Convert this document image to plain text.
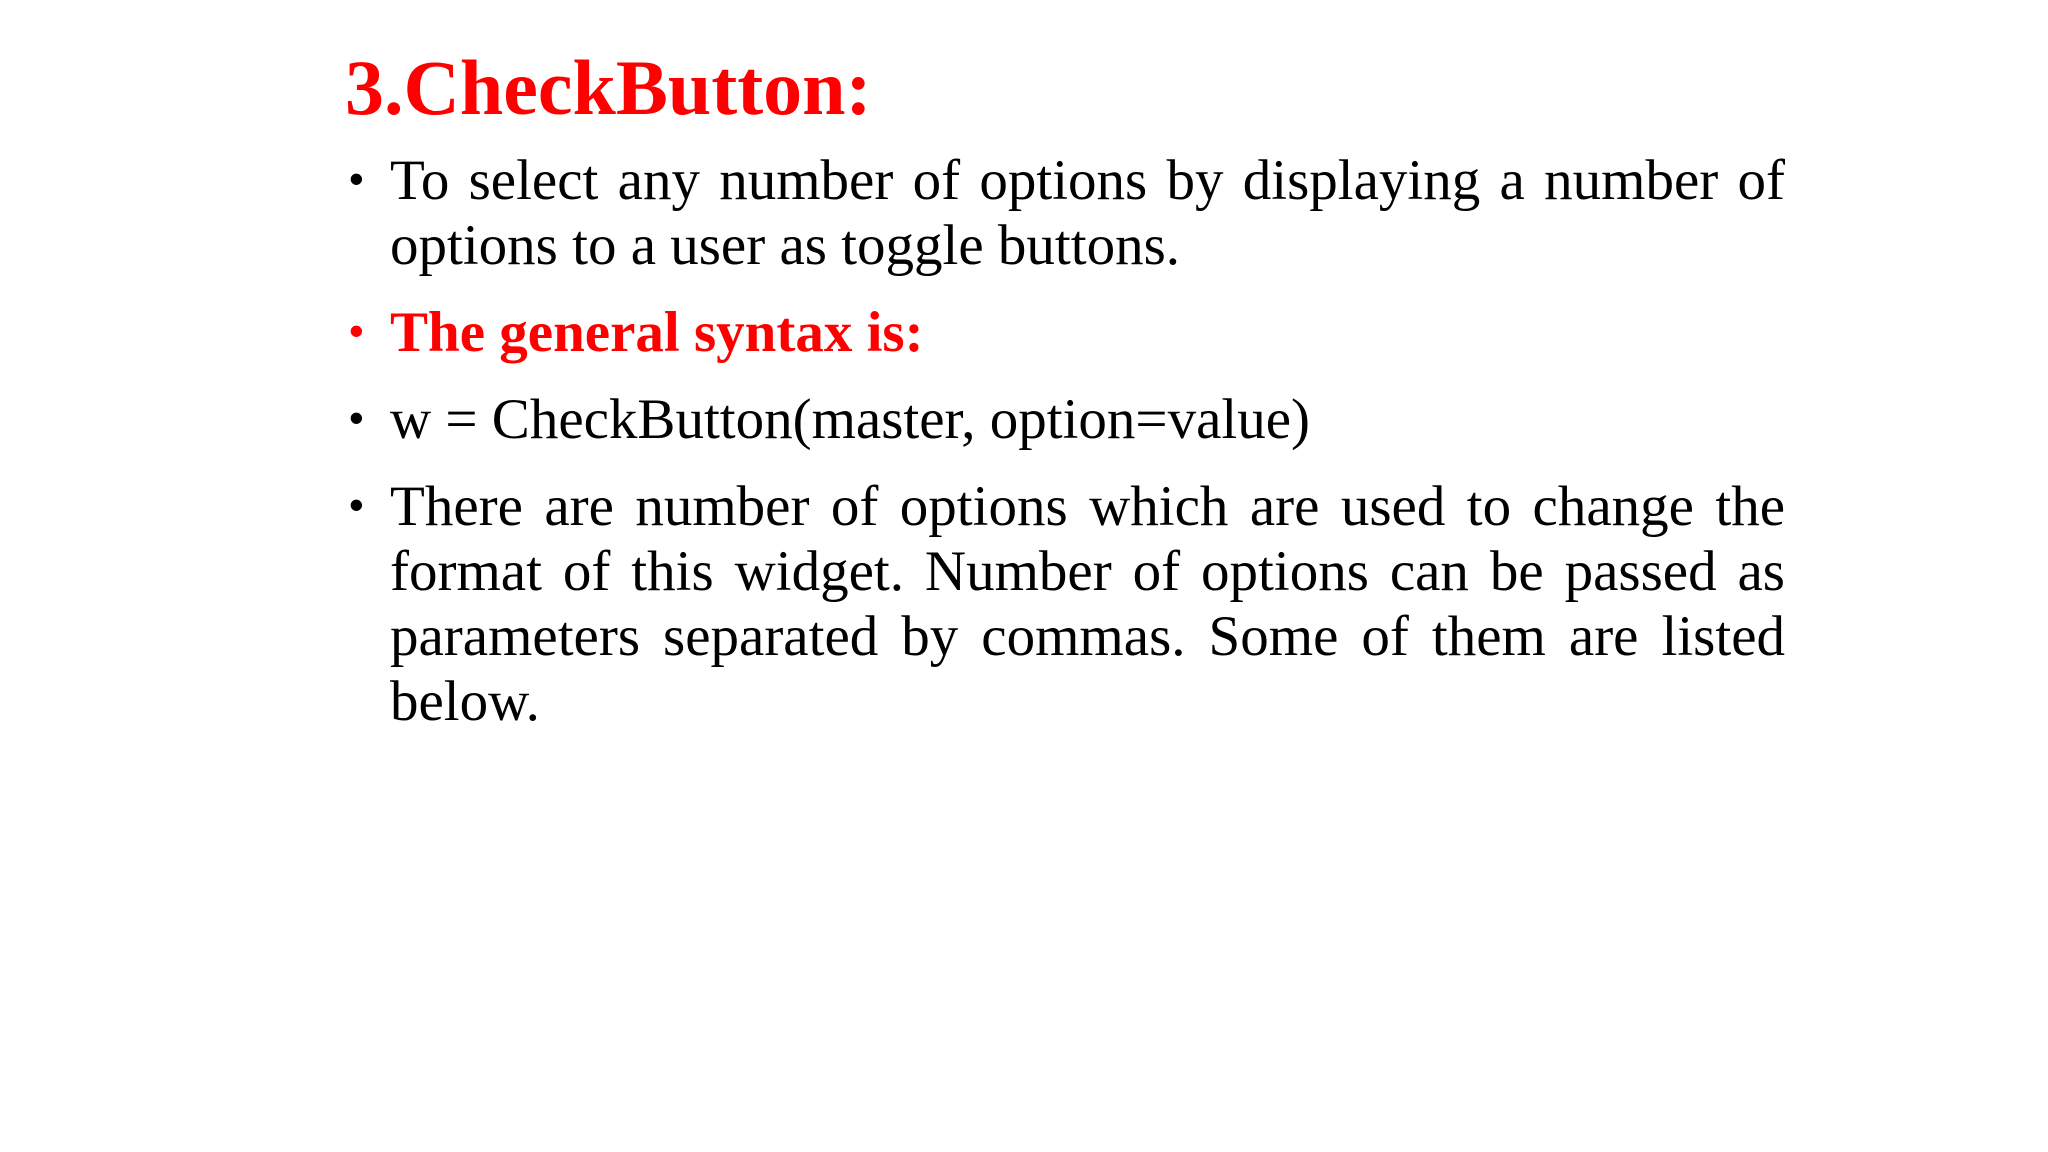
3.CheckButton:
• To select any number of options by displaying a number of options to a user as toggle buttons.
• The general syntax is:
• w = CheckButton(master, option=value)
• There are number of options which are used to change the format of this widget. Number of options can be passed as parameters separated by commas. Some of them are listed below.
